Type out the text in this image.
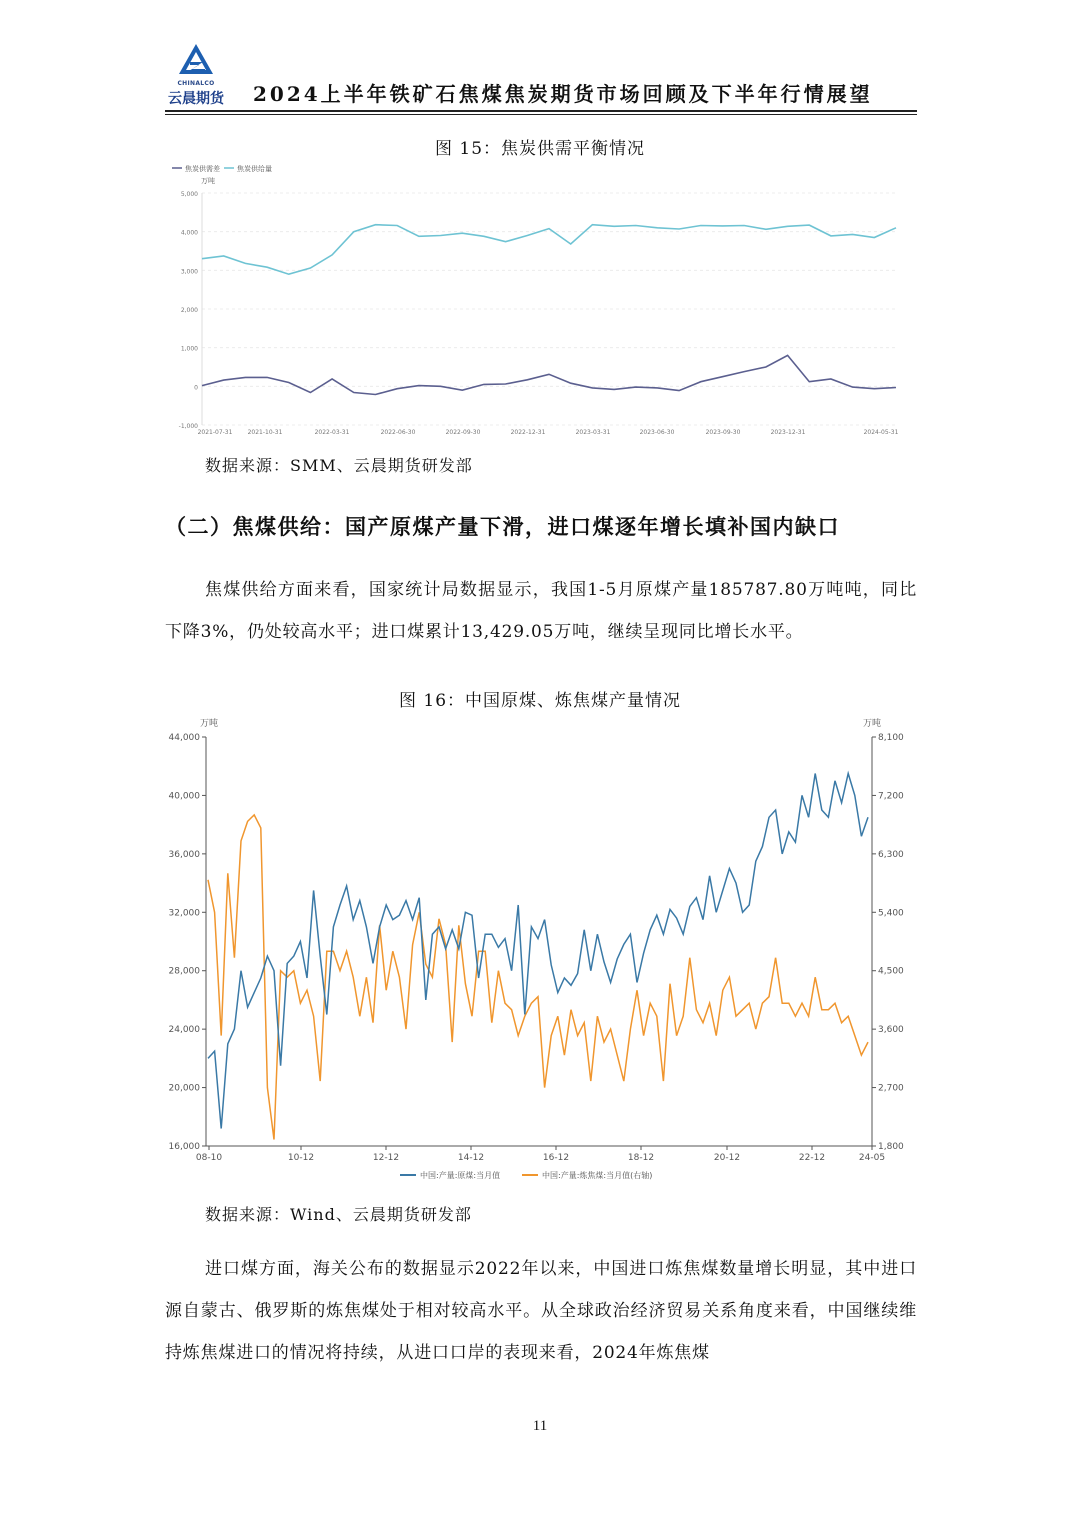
CHINALCO
云晨期货 2024上半年铁矿石焦煤焦炭期货市场回顾及下半年行情展望
图 15：焦炭供需平衡情况
焦炭供需差 焦炭供给量
万吨
5,000
4,000
3,000
2,000
1,000
0
-1,000
2021-07-31	2021-10-31	2022-03-31	2022-06-30	2022-09-30	2022-12-31	2023-03-31	2023-06-30	2023-09-30	2023-12-31	2024-05-31
数据来源：SMM、云晨期货研发部
（二）焦煤供给：国产原煤产量下滑，进口煤逐年增长填补国内缺口
焦煤供给方面来看，国家统计局数据显示，我国1-5月原煤产量185787.80万吨吨，同比下降3%，仍处较高水平；进口煤累计13,429.05万吨，继续呈现同比增长水平。
图 16：中国原煤、炼焦煤产量情况
万吨	万吨
44,000
40,000
36,000
32,000
28,000
24,000
20,000
16,000
8,100
7,200
6,300
5,400
4,500
3,600
2,700
1,800
08-10	10-12	12-12	14-12	16-12	18-12	20-12	22-12	24-05
中国:产量:原煤:当月值	中国:产量:炼焦煤:当月值(右轴)
数据来源：Wind、云晨期货研发部
进口煤方面，海关公布的数据显示2022年以来，中国进口炼焦煤数量增长明显，其中进口源自蒙古、俄罗斯的炼焦煤处于相对较高水平。从全球政治经济贸易关系角度来看，中国继续维持炼焦煤进口的情况将持续，从进口口岸的表现来看，2024年炼焦煤
11
